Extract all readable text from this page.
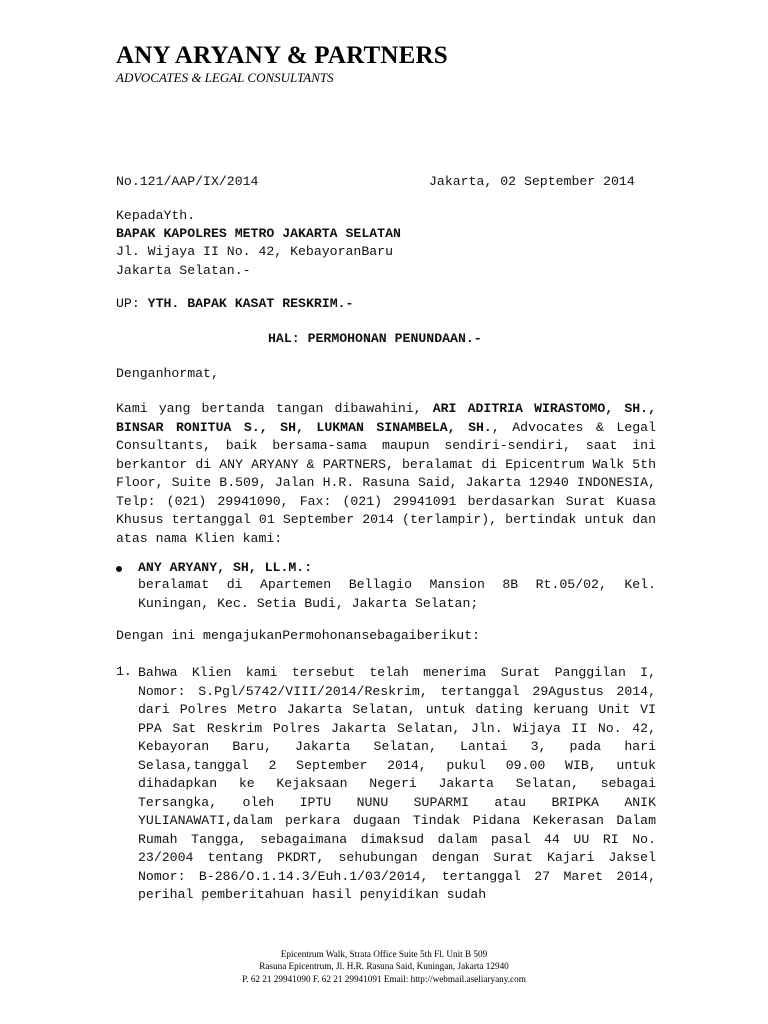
ANY ARYANY & PARTNERS
ADVOCATES & LEGAL CONSULTANTS
No.121/AAP/IX/2014	Jakarta, 02 September 2014
KepadaYth.
BAPAK KAPOLRES METRO JAKARTA SELATAN
Jl. Wijaya II No. 42, KebayoranBaru
Jakarta Selatan.-
UP: YTH. BAPAK KASAT RESKRIM.-
HAL: PERMOHONAN PENUNDAAN.-
Denganhormat,
Kami yang bertanda tangan dibawahini, ARI ADITRIA WIRASTOMO, SH., BINSAR RONITUA S., SH, LUKMAN SINAMBELA, SH., Advocates & Legal Consultants, baik bersama-sama maupun sendiri-sendiri, saat ini berkantor di ANY ARYANY & PARTNERS, beralamat di Epicentrum Walk 5th Floor, Suite B.509, Jalan H.R. Rasuna Said, Jakarta 12940 INDONESIA, Telp: (021) 29941090, Fax: (021) 29941091 berdasarkan Surat Kuasa Khusus tertanggal 01 September 2014 (terlampir), bertindak untuk dan atas nama Klien kami:
ANY ARYANY, SH, LL.M.:
beralamat di Apartemen Bellagio Mansion 8B Rt.05/02, Kel. Kuningan, Kec. Setia Budi, Jakarta Selatan;
Dengan ini mengajukanPermohonansebagaiberikut:
1. Bahwa Klien kami tersebut telah menerima Surat Panggilan I, Nomor: S.Pgl/5742/VIII/2014/Reskrim, tertanggal 29Agustus 2014, dari Polres Metro Jakarta Selatan, untuk dating keruang Unit VI PPA Sat Reskrim Polres Jakarta Selatan, Jln. Wijaya II No. 42, Kebayoran Baru, Jakarta Selatan, Lantai 3, pada hari Selasa,tanggal 2 September 2014, pukul 09.00 WIB, untuk dihadapkan ke Kejaksaan Negeri Jakarta Selatan, sebagai Tersangka, oleh IPTU NUNU SUPARMI atau BRIPKA ANIK YULIANAWATI,dalam perkara dugaan Tindak Pidana Kekerasan Dalam Rumah Tangga, sebagaimana dimaksud dalam pasal 44 UU RI No. 23/2004 tentang PKDRT, sehubungan dengan Surat Kajari Jaksel Nomor: B-286/O.1.14.3/Euh.1/03/2014, tertanggal 27 Maret 2014, perihal pemberitahuan hasil penyidikan sudah
Epicentrum Walk, Strata Office Suite 5th Fl. Unit B 509
Rasuna Epicentrum, Jl. H.R. Rasuna Said, Kuningan, Jakarta 12940
P. 62 21 29941090 F. 62 21 29941091 Email: http://webmail.aseliaryany.com
